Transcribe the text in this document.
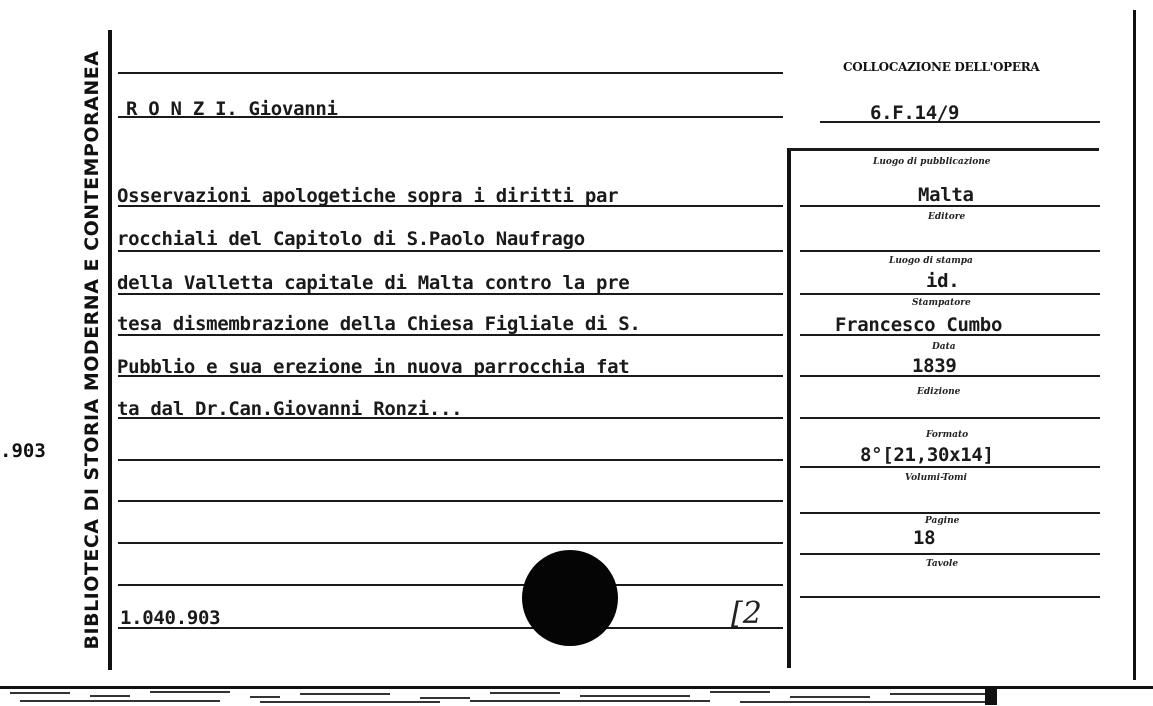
BIBLIOTECA DI STORIA MODERNA E CONTEMPORANEA
.903
COLLOCAZIONE DELL'OPERA
6.F.14/9
R O N Z I. Giovanni
Osservazioni apologetiche sopra i diritti par
rocchiali del Capitolo di S.Paolo Naufrago
della Valletta capitale di Malta contro la pre
tesa dismembrazione della Chiesa Figliale di S.
Pubblio e sua erezione in nuova parrocchia fat
ta dal Dr.Can.Giovanni Ronzi...
1.040.903	[2
Luogo di pubblicazione
Malta
Editore
Luogo di stampa
id.
Stampatore
Francesco Cumbo
Data
1839
Edizione
Formato
8°[21,30x14]
Volumi-Tomi
Pagine
18
Tavole
